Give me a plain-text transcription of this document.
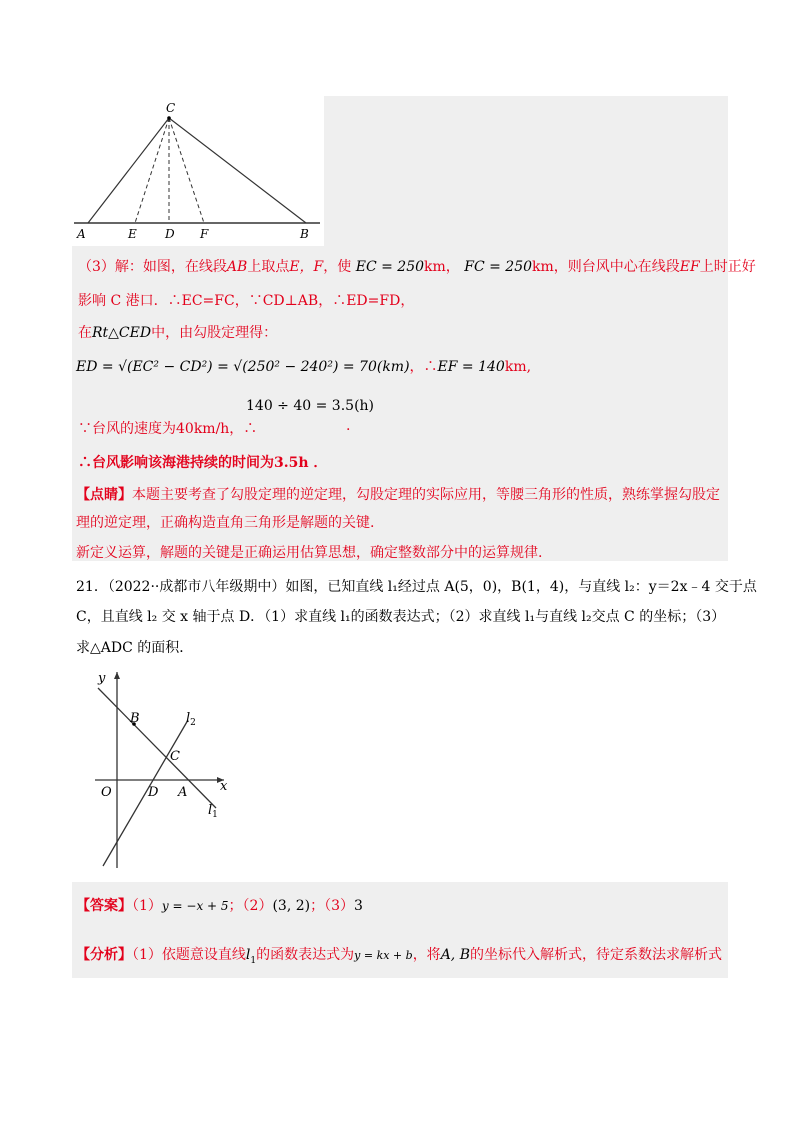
C
A	E D F	B
（3）解：如图，在线段AB上取点E，F，使 EC = 250km， FC = 250km，则台风中心在线段EF上时正好
影响 C 港口．∴EC=FC，∵CD⊥AB，∴ED=FD，
在Rt△CED中，由勾股定理得：
ED = √(EC² − CD²) = √(250² − 240²) = 70(km)，∴EF = 140km,
140 ÷ 40 = 3.5(h)
∵台风的速度为40km/h，∴	.
∴台风影响该海港持续的时间为3.5h ．
【点睛】本题主要考查了勾股定理的逆定理，勾股定理的实际应用，等腰三角形的性质，熟练掌握勾股定
理的逆定理，正确构造直角三角形是解题的关键.
新定义运算，解题的关键是正确运用估算思想，确定整数部分中的运算规律.
21．（2022··成都市八年级期中）如图，已知直线 l₁经过点 A(5，0)，B(1，4)，与直线 l₂：y＝2x﹣4 交于点
C，且直线 l₂ 交 x 轴于点 D．（1）求直线 l₁的函数表达式；（2）求直线 l₁与直线 l₂交点 C 的坐标；（3）
求△ADC 的面积．
y
x
O	D A
B
C
$l_2$
$l_1$
【答案】（1）y = −x + 5；（2）(3, 2)；（3）3
【分析】（1）依题意设直线$l_1$的函数表达式为y = kx + b，将A, B的坐标代入解析式，待定系数法求解析式
